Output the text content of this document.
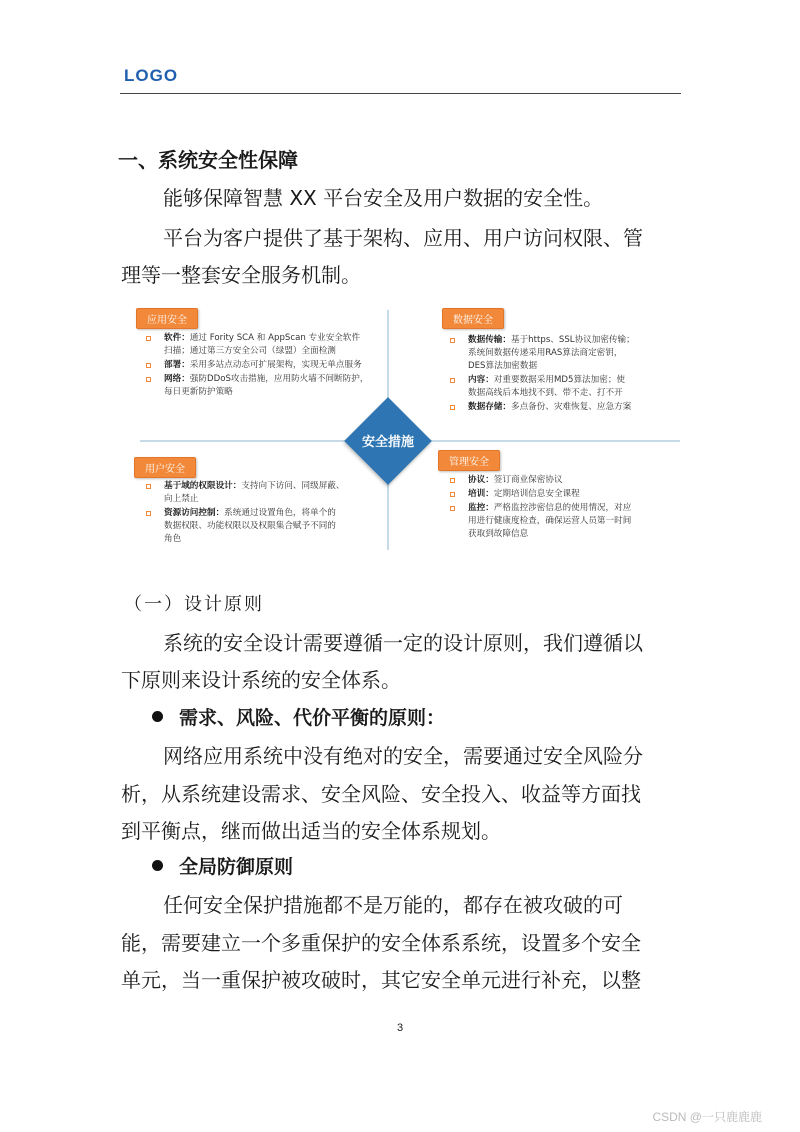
LOGO
一、系统安全性保障
能够保障智慧 XX 平台安全及用户数据的安全性。
平台为客户提供了基于架构、应用、用户访问权限、管
理等一整套安全服务机制。
安全措施
应用安全
软件：通过 Fority SCA 和 AppScan 专业安全软件
扫描；通过第三方安全公司（绿盟）全面检测
部署：采用多站点动态可扩展架构，实现无单点服务
网络：强防DDoS攻击措施，应用防火墙不间断防护，
每日更新防护策略
数据安全
数据传输：基于https、SSL协议加密传输；
系统间数据传递采用RAS算法商定密钥，
DES算法加密数据
内容：对重要数据采用MD5算法加密；使
数据高线后本地找不到、带不走、打不开
数据存储：多点备份、灾难恢复、应急方案
用户安全
基于域的权限设计：支持向下访问、同级屏蔽、
向上禁止
资源访问控制：系统通过设置角色，将单个的
数据权限、功能权限以及权限集合赋予不同的
角色
管理安全
协议：签订商业保密协议
培训：定期培训信息安全课程
监控：严格监控涉密信息的使用情况，对应
用进行健康度检查，确保运营人员第一时间
获取到故障信息
（一）设计原则
系统的安全设计需要遵循一定的设计原则，我们遵循以
下原则来设计系统的安全体系。
需求、风险、代价平衡的原则：
网络应用系统中没有绝对的安全，需要通过安全风险分
析，从系统建设需求、安全风险、安全投入、收益等方面找
到平衡点，继而做出适当的安全体系规划。
全局防御原则
任何安全保护措施都不是万能的，都存在被攻破的可
能，需要建立一个多重保护的安全体系系统，设置多个安全
单元，当一重保护被攻破时，其它安全单元进行补充，以整
3
CSDN @一只鹿鹿鹿
